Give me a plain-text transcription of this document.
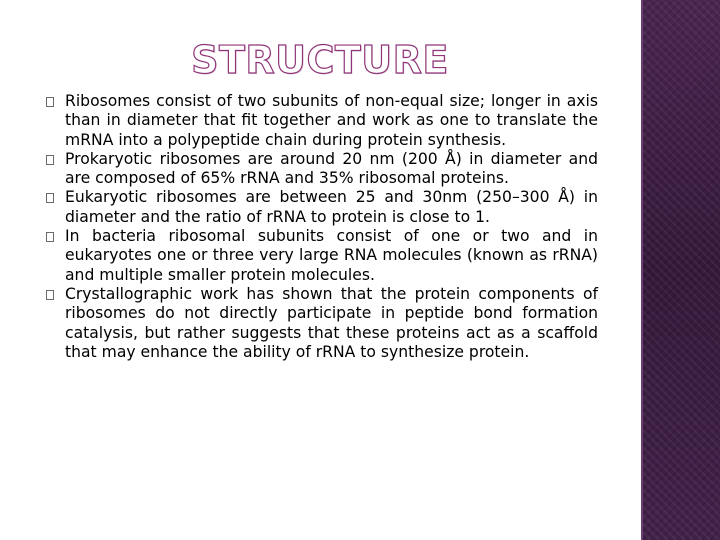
STRUCTURE
Ribosomes consist of two subunits of non-equal size; longer in axis than in diameter that fit together and work as one to translate the mRNA into a polypeptide chain during protein synthesis.
Prokaryotic ribosomes are around 20 nm (200 Å) in diameter and are composed of 65% rRNA and 35% ribosomal proteins.
Eukaryotic ribosomes are between 25 and 30nm (250–300 Å) in diameter and the ratio of rRNA to protein is close to 1.
In bacteria ribosomal subunits consist of one or two and in eukaryotes one or three very large RNA molecules (known as rRNA) and multiple smaller protein molecules.
Crystallographic work has shown that the protein components of ribosomes do not directly participate in peptide bond formation catalysis, but rather suggests that these proteins act as a scaffold that may enhance the ability of rRNA to synthesize protein.
